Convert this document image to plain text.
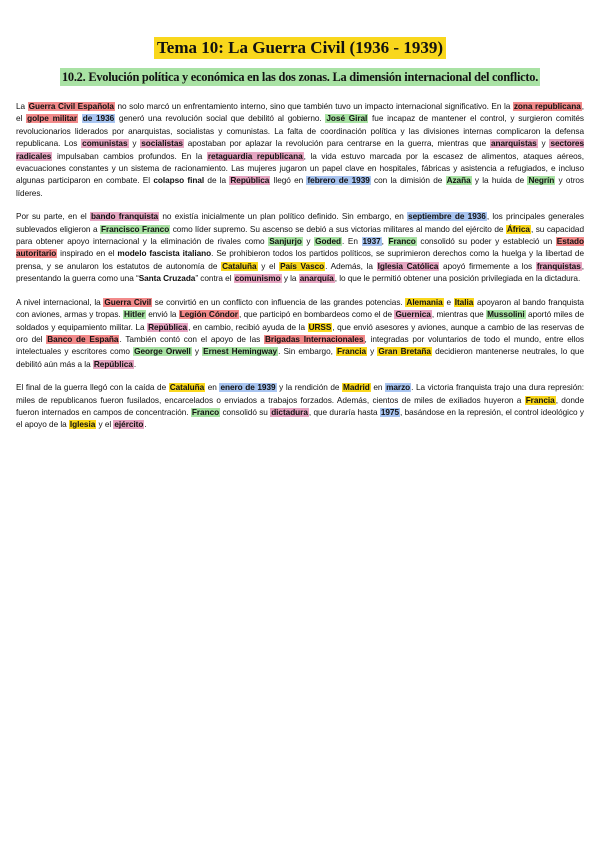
Tema 10: La Guerra Civil (1936 - 1939)
10.2. Evolución política y económica en las dos zonas. La dimensión internacional del conflicto.

La Guerra Civil Española no solo marcó un enfrentamiento interno, sino que también tuvo un impacto internacional significativo. En la zona republicana, el golpe militar de 1936 generó una revolución social que debilitó al gobierno. José Giral fue incapaz de mantener el control, y surgieron comités revolucionarios liderados por anarquistas, socialistas y comunistas. La falta de coordinación política y las divisiones internas complicaron la defensa republicana. Los comunistas y socialistas apostaban por aplazar la revolución para centrarse en la guerra, mientras que anarquistas y sectores radicales impulsaban cambios profundos. En la retaguardia republicana, la vida estuvo marcada por la escasez de alimentos, ataques aéreos, evacuaciones constantes y un sistema de racionamiento. Las mujeres jugaron un papel clave en hospitales, fábricas y asistencia a refugiados, e incluso algunas participaron en combate. El colapso final de la República llegó en febrero de 1939 con la dimisión de Azaña y la huida de Negrín y otros líderes.

Por su parte, en el bando franquista no existía inicialmente un plan político definido. Sin embargo, en septiembre de 1936, los principales generales sublevados eligieron a Francisco Franco como líder supremo. Su ascenso se debió a sus victorias militares al mando del ejército de África, su capacidad para obtener apoyo internacional y la eliminación de rivales como Sanjurjo y Goded. En 1937, Franco consolidó su poder y estableció un Estado autoritario inspirado en el modelo fascista italiano. Se prohibieron todos los partidos políticos, se suprimieron derechos como la huelga y la libertad de prensa, y se anularon los estatutos de autonomía de Cataluña y el País Vasco. Además, la Iglesia Católica apoyó firmemente a los franquistas, presentando la guerra como una “Santa Cruzada” contra el comunismo y la anarquía, lo que le permitió obtener una posición privilegiada en la dictadura.

A nivel internacional, la Guerra Civil se convirtió en un conflicto con influencia de las grandes potencias. Alemania e Italia apoyaron al bando franquista con aviones, armas y tropas. Hitler envió la Legión Cóndor, que participó en bombardeos como el de Guernica, mientras que Mussolini aportó miles de soldados y equipamiento militar. La República, en cambio, recibió ayuda de la URSS, que envió asesores y aviones, aunque a cambio de las reservas de oro del Banco de España. También contó con el apoyo de las Brigadas Internacionales, integradas por voluntarios de todo el mundo, entre ellos intelectuales y escritores como George Orwell y Ernest Hemingway. Sin embargo, Francia y Gran Bretaña decidieron mantenerse neutrales, lo que debilitó aún más a la República.

El final de la guerra llegó con la caída de Cataluña en enero de 1939 y la rendición de Madrid en marzo. La victoria franquista trajo una dura represión: miles de republicanos fueron fusilados, encarcelados o enviados a trabajos forzados. Además, cientos de miles de exiliados huyeron a Francia, donde fueron internados en campos de concentración. Franco consolidó su dictadura, que duraría hasta 1975, basándose en la represión, el control ideológico y el apoyo de la Iglesia y el ejército.
